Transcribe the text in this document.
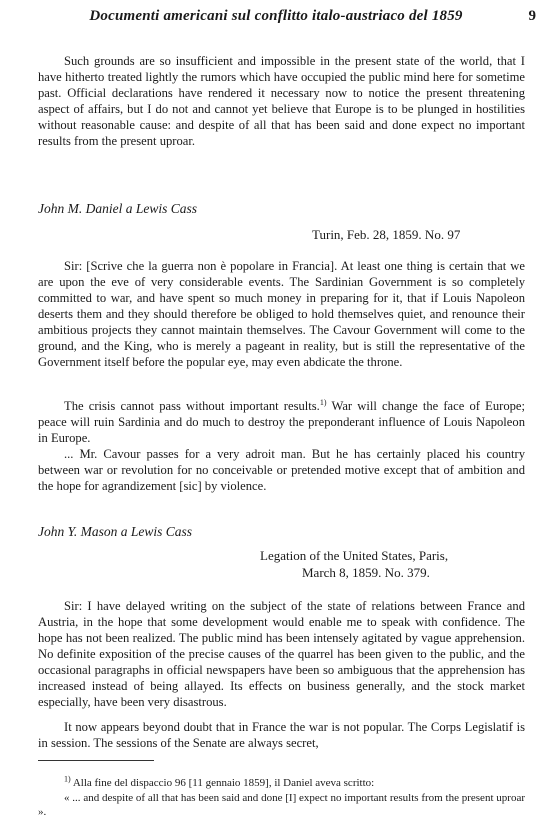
Documenti americani sul conflitto italo-austriaco del 1859	9

Such grounds are so insufficient and impossible in the present state of the world, that I have hitherto treated lightly the rumors which have occupied the public mind here for sometime past. Official declarations have rendered it necessary now to notice the present threatening aspect of affairs, but I do not and cannot yet believe that Europe is to be plunged in hostilities without reasonable cause: and despite of all that has been said and done expect no important results from the present uproar.

John M. Daniel a Lewis Cass
Turin, Feb. 28, 1859. No. 97

Sir: [Scrive che la guerra non è popolare in Francia]. At least one thing is certain that we are upon the eve of very considerable events. The Sardinian Government is so completely committed to war, and have spent so much money in preparing for it, that if Louis Napoleon deserts them and they should therefore be obliged to hold themselves quiet, and renounce their ambitious projects they cannot maintain themselves. The Cavour Government will come to the ground, and the King, who is merely a pageant in reality, but is still the representative of the Government itself before the popular eye, may even abdicate the throne.

The crisis cannot pass without important results.$^{1)}$ War will change the face of Europe; peace will ruin Sardinia and do much to destroy the preponderant influence of Louis Napoleon in Europe.

... Mr. Cavour passes for a very adroit man. But he has certainly placed his country between war or revolution for no conceivable or pretended motive except that of ambition and the hope for agrandizement [sic] by violence.

John Y. Mason a Lewis Cass
Legation of the United States, Paris,
March 8, 1859. No. 379.

Sir: I have delayed writing on the subject of the state of relations between France and Austria, in the hope that some development would enable me to speak with confidence. The hope has not been realized. The public mind has been intensely agitated by vague apprehension. No definite exposition of the precise causes of the quarrel has been given to the public, and the occasional paragraphs in official newspapers have been so ambiguous that the apprehension has increased instead of being allayed. Its effects on business generally, and the stock market especially, have been very disastrous.

It now appears beyond doubt that in France the war is not popular. The Corps Legislatif is in session. The sessions of the Senate are always secret,

$^{1)}$ Alla fine del dispaccio 96 [11 gennaio 1859], il Daniel aveva scritto:

« ... and despite of all that has been said and done [I] expect no important results from the present uproar ».
